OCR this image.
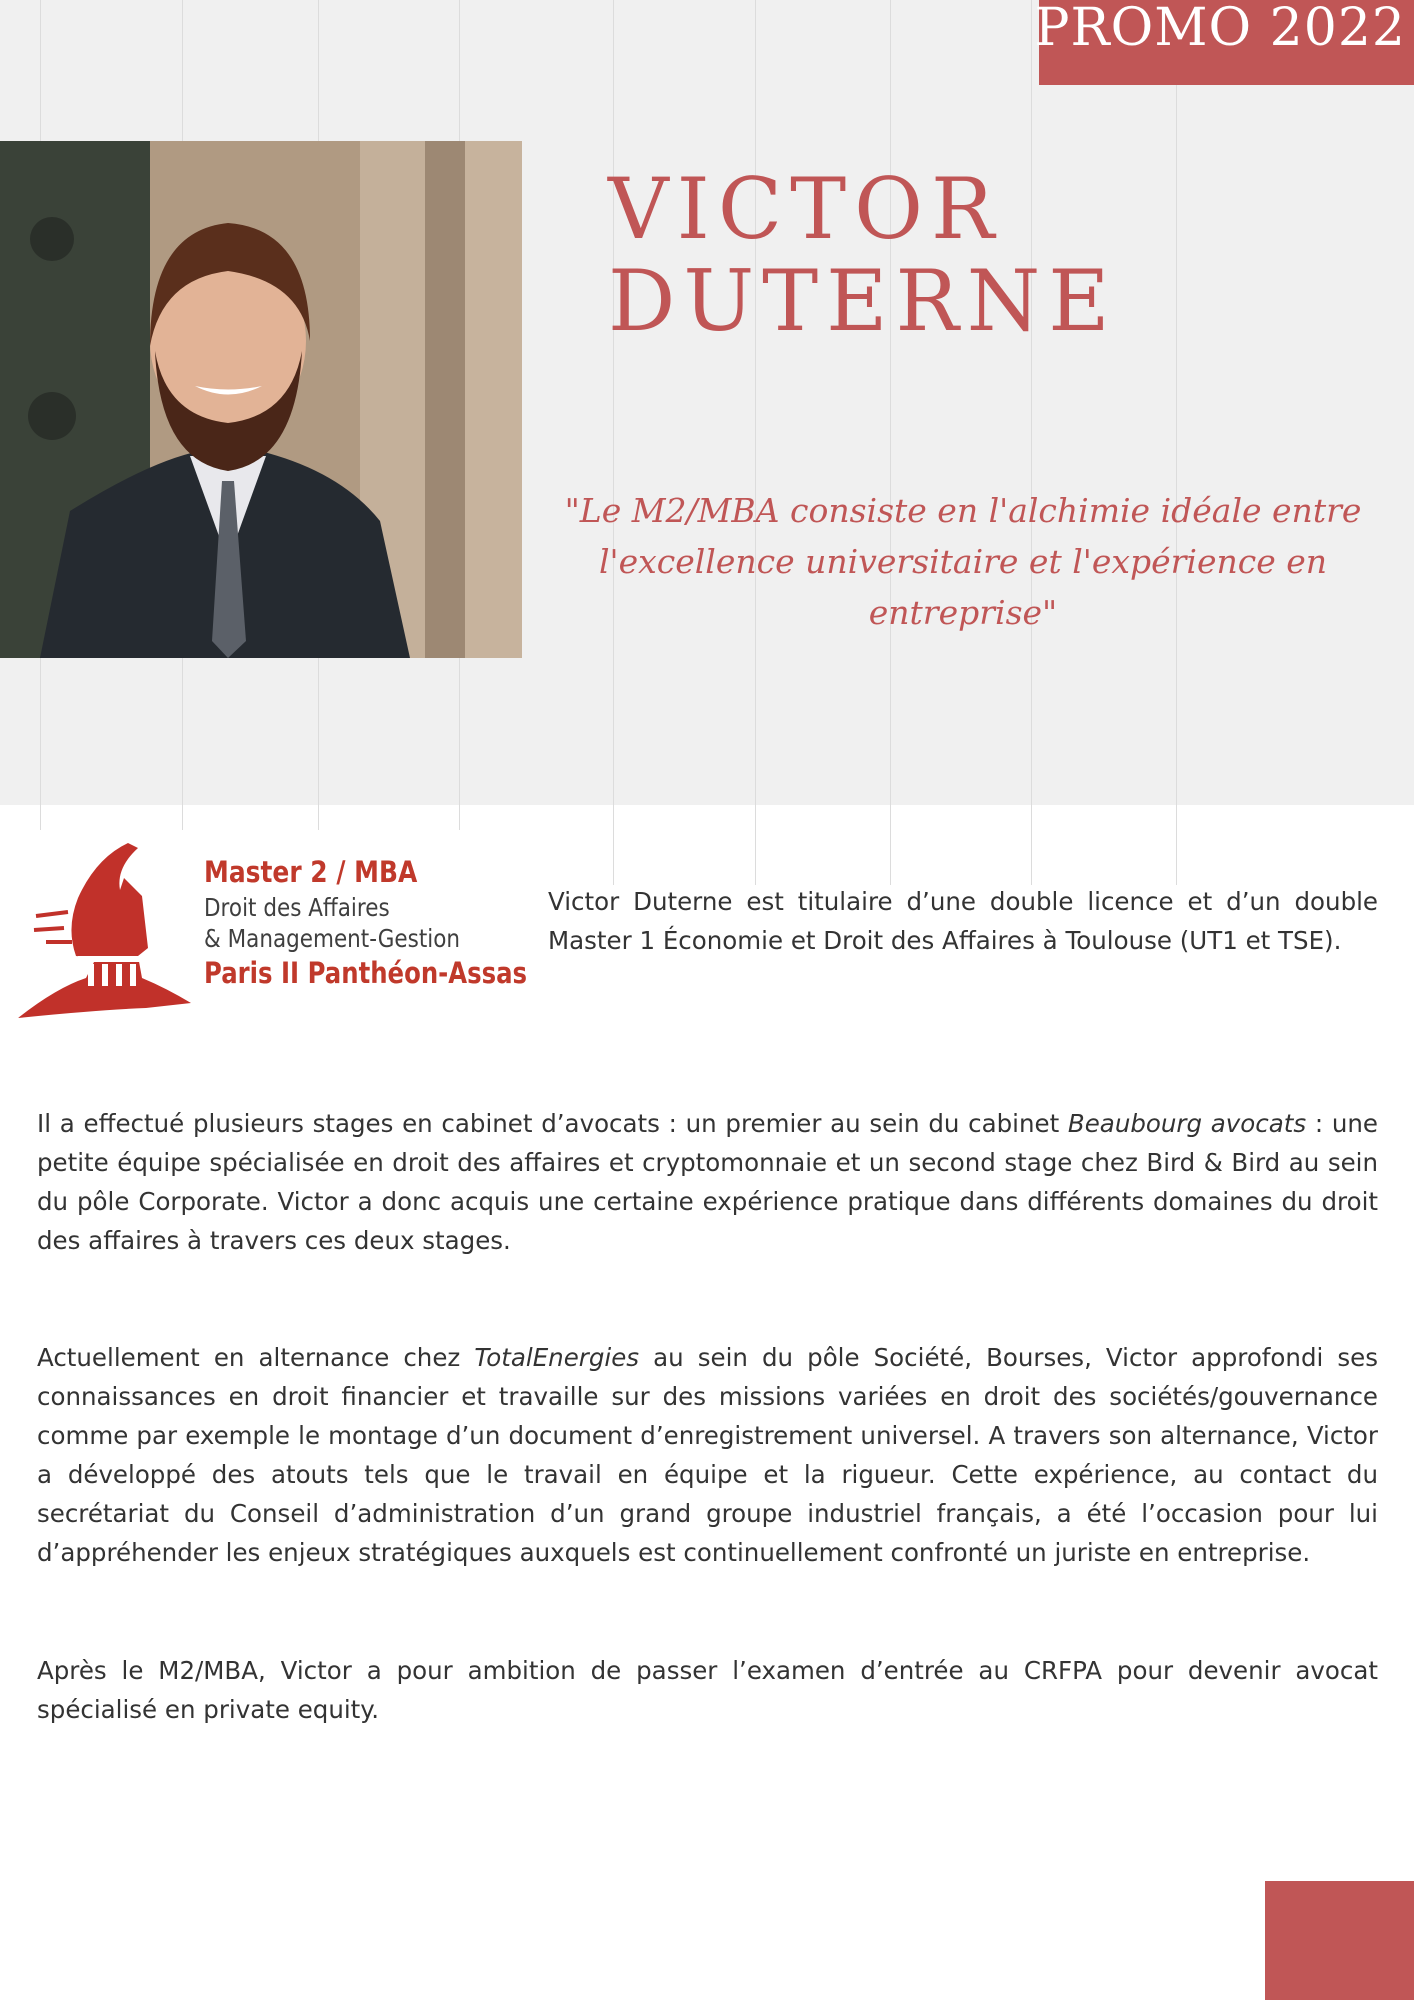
PROMO 2022
VICTOR
DUTERNE

"Le M2/MBA consiste en l'alchimie idéale entre l'excellence universitaire et l'expérience en entreprise"

Master 2 / MBA
Droit des Affaires
& Management-Gestion
Paris II Panthéon-Assas

Victor Duterne est titulaire d’une double licence et d’un double Master 1 Économie et Droit des Affaires à Toulouse (UT1 et TSE).

Il a effectué plusieurs stages en cabinet d’avocats : un premier au sein du cabinet Beaubourg avocats : une petite équipe spécialisée en droit des affaires et cryptomonnaie et un second stage chez Bird & Bird au sein du pôle Corporate. Victor a donc acquis une certaine expérience pratique dans différents domaines du droit des affaires à travers ces deux stages.

Actuellement en alternance chez TotalEnergies au sein du pôle Société, Bourses, Victor approfondi ses connaissances en droit financier et travaille sur des missions variées en droit des sociétés/gouvernance comme par exemple le montage d’un document d’enregistrement universel. A travers son alternance, Victor a développé des atouts tels que le travail en équipe et la rigueur. Cette expérience, au contact du secrétariat du Conseil d’administration d’un grand groupe industriel français, a été l’occasion pour lui d’appréhender les enjeux stratégiques auxquels est continuellement confronté un juriste en entreprise.

Après le M2/MBA, Victor a pour ambition de passer l’examen d’entrée au CRFPA pour devenir avocat spécialisé en private equity.
